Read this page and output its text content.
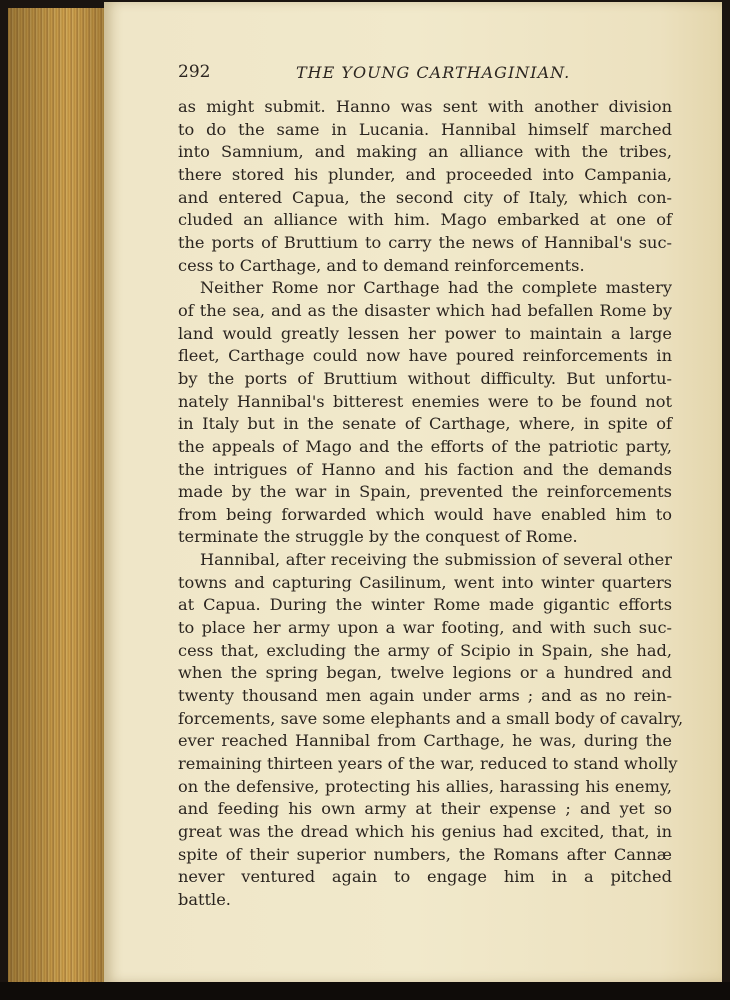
292	THE YOUNG CARTHAGINIAN.
as might submit. Hanno was sent with another division
to do the same in Lucania. Hannibal himself marched
into Samnium, and making an alliance with the tribes,
there stored his plunder, and proceeded into Campania,
and entered Capua, the second city of Italy, which con-
cluded an alliance with him. Mago embarked at one of
the ports of Bruttium to carry the news of Hannibal's suc-
cess to Carthage, and to demand reinforcements.
Neither Rome nor Carthage had the complete mastery
of the sea, and as the disaster which had befallen Rome by
land would greatly lessen her power to maintain a large
fleet, Carthage could now have poured reinforcements in
by the ports of Bruttium without difficulty. But unfortu-
nately Hannibal's bitterest enemies were to be found not
in Italy but in the senate of Carthage, where, in spite of
the appeals of Mago and the efforts of the patriotic party,
the intrigues of Hanno and his faction and the demands
made by the war in Spain, prevented the reinforcements
from being forwarded which would have enabled him to
terminate the struggle by the conquest of Rome.
Hannibal, after receiving the submission of several other
towns and capturing Casilinum, went into winter quarters
at Capua. During the winter Rome made gigantic efforts
to place her army upon a war footing, and with such suc-
cess that, excluding the army of Scipio in Spain, she had,
when the spring began, twelve legions or a hundred and
twenty thousand men again under arms ; and as no rein-
forcements, save some elephants and a small body of cavalry,
ever reached Hannibal from Carthage, he was, during the
remaining thirteen years of the war, reduced to stand wholly
on the defensive, protecting his allies, harassing his enemy,
and feeding his own army at their expense ; and yet so
great was the dread which his genius had excited, that, in
spite of their superior numbers, the Romans after Cannæ
never ventured again to engage him in a pitched
battle.
